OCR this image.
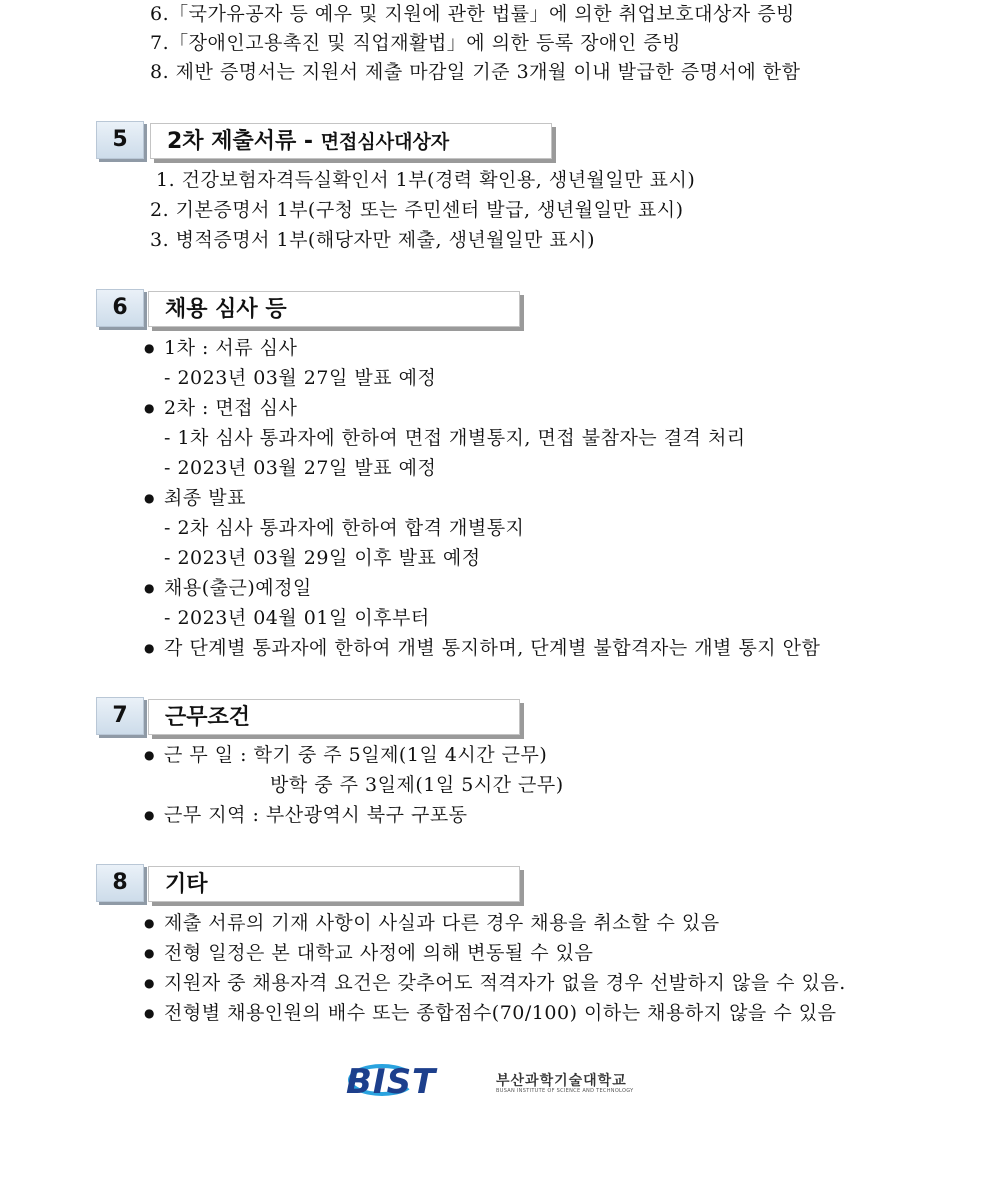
6.「국가유공자 등 예우 및 지원에 관한 법률」에 의한 취업보호대상자 증빙
7.「장애인고용촉진 및 직업재활법」에 의한 등록 장애인 증빙
8. 제반 증명서는 지원서 제출 마감일 기준 3개월 이내 발급한 증명서에 한함
5	2차 제출서류 - 면접심사대상자
1. 건강보험자격득실확인서 1부(경력 확인용, 생년월일만 표시)
2. 기본증명서 1부(구청 또는 주민센터 발급, 생년월일만 표시)
3. 병적증명서 1부(해당자만 제출, 생년월일만 표시)
6	채용 심사 등
● 1차 : 서류 심사
- 2023년 03월 27일 발표 예정
● 2차 : 면접 심사
- 1차 심사 통과자에 한하여 면접 개별통지, 면접 불참자는 결격 처리
- 2023년 03월 27일 발표 예정
● 최종 발표
- 2차 심사 통과자에 한하여 합격 개별통지
- 2023년 03월 29일 이후 발표 예정
● 채용(출근)예정일
- 2023년 04월 01일 이후부터
● 각 단계별 통과자에 한하여 개별 통지하며, 단계별 불합격자는 개별 통지 안함
7	근무조건
● 근 무 일 : 학기 중 주 5일제(1일 4시간 근무)
방학 중 주 3일제(1일 5시간 근무)
● 근무 지역 : 부산광역시 북구 구포동
8	기타
● 제출 서류의 기재 사항이 사실과 다른 경우 채용을 취소할 수 있음
● 전형 일정은 본 대학교 사정에 의해 변동될 수 있음
● 지원자 중 채용자격 요건은 갖추어도 적격자가 없을 경우 선발하지 않을 수 있음.
● 전형별 채용인원의 배수 또는 종합점수(70/100) 이하는 채용하지 않을 수 있음
BIST	부산과학기술대학교
BUSAN INSTITUTE OF SCIENCE AND TECHNOLOGY
